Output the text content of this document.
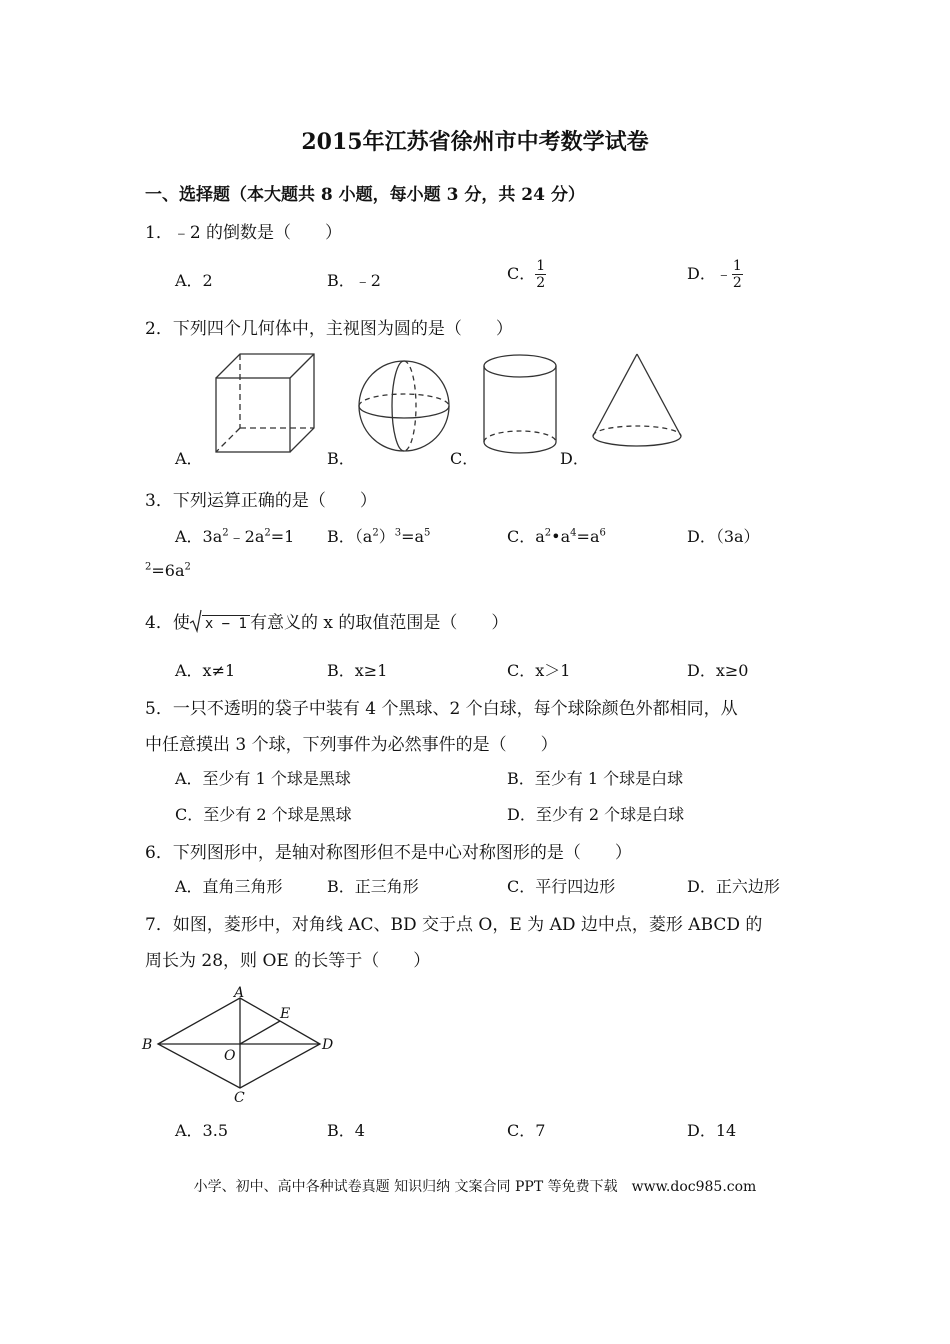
2015年江苏省徐州市中考数学试卷
一、选择题（本大题共 8 小题，每小题 3 分，共 24 分）
1．﹣2 的倒数是（　　）
A．2	B．﹣2	C． $\frac{1}{2}$	D．﹣ $\frac{1}{2}$
2．下列四个几何体中，主视图为圆的是（　　）
A．	B．	C．	D．
3．下列运算正确的是（　　）
A．$3a^2﹣2a^2=1$ B．$(a^2)^3=a^5$	C．$a^2•a^4=a^6$	D．（3a）
$^2=6a^2$
4．使 x − 1 有意义的 x 的取值范围是（　　）
A．x≠1	B．x≥1	C．x＞1	D．x≥0
5．一只不透明的袋子中装有 4 个黑球、2 个白球，每个球除颜色外都相同，从
中任意摸出 3 个球，下列事件为必然事件的是（　　）
A．至少有 1 个球是黑球	B．至少有 1 个球是白球
C．至少有 2 个球是黑球	D．至少有 2 个球是白球
6．下列图形中，是轴对称图形但不是中心对称图形的是（　　）
A．直角三角形	B．正三角形	C．平行四边形	D．正六边形
7．如图，菱形中，对角线 AC、BD 交于点 O，E 为 AD 边中点，菱形 ABCD 的
周长为 28，则 OE 的长等于（　　）
A
B
C
D
E
O
A．3.5	B．4	C．7	D．14
小学、初中、高中各种试卷真题 知识归纳 文案合同 PPT 等免费下载　www.doc985.com
